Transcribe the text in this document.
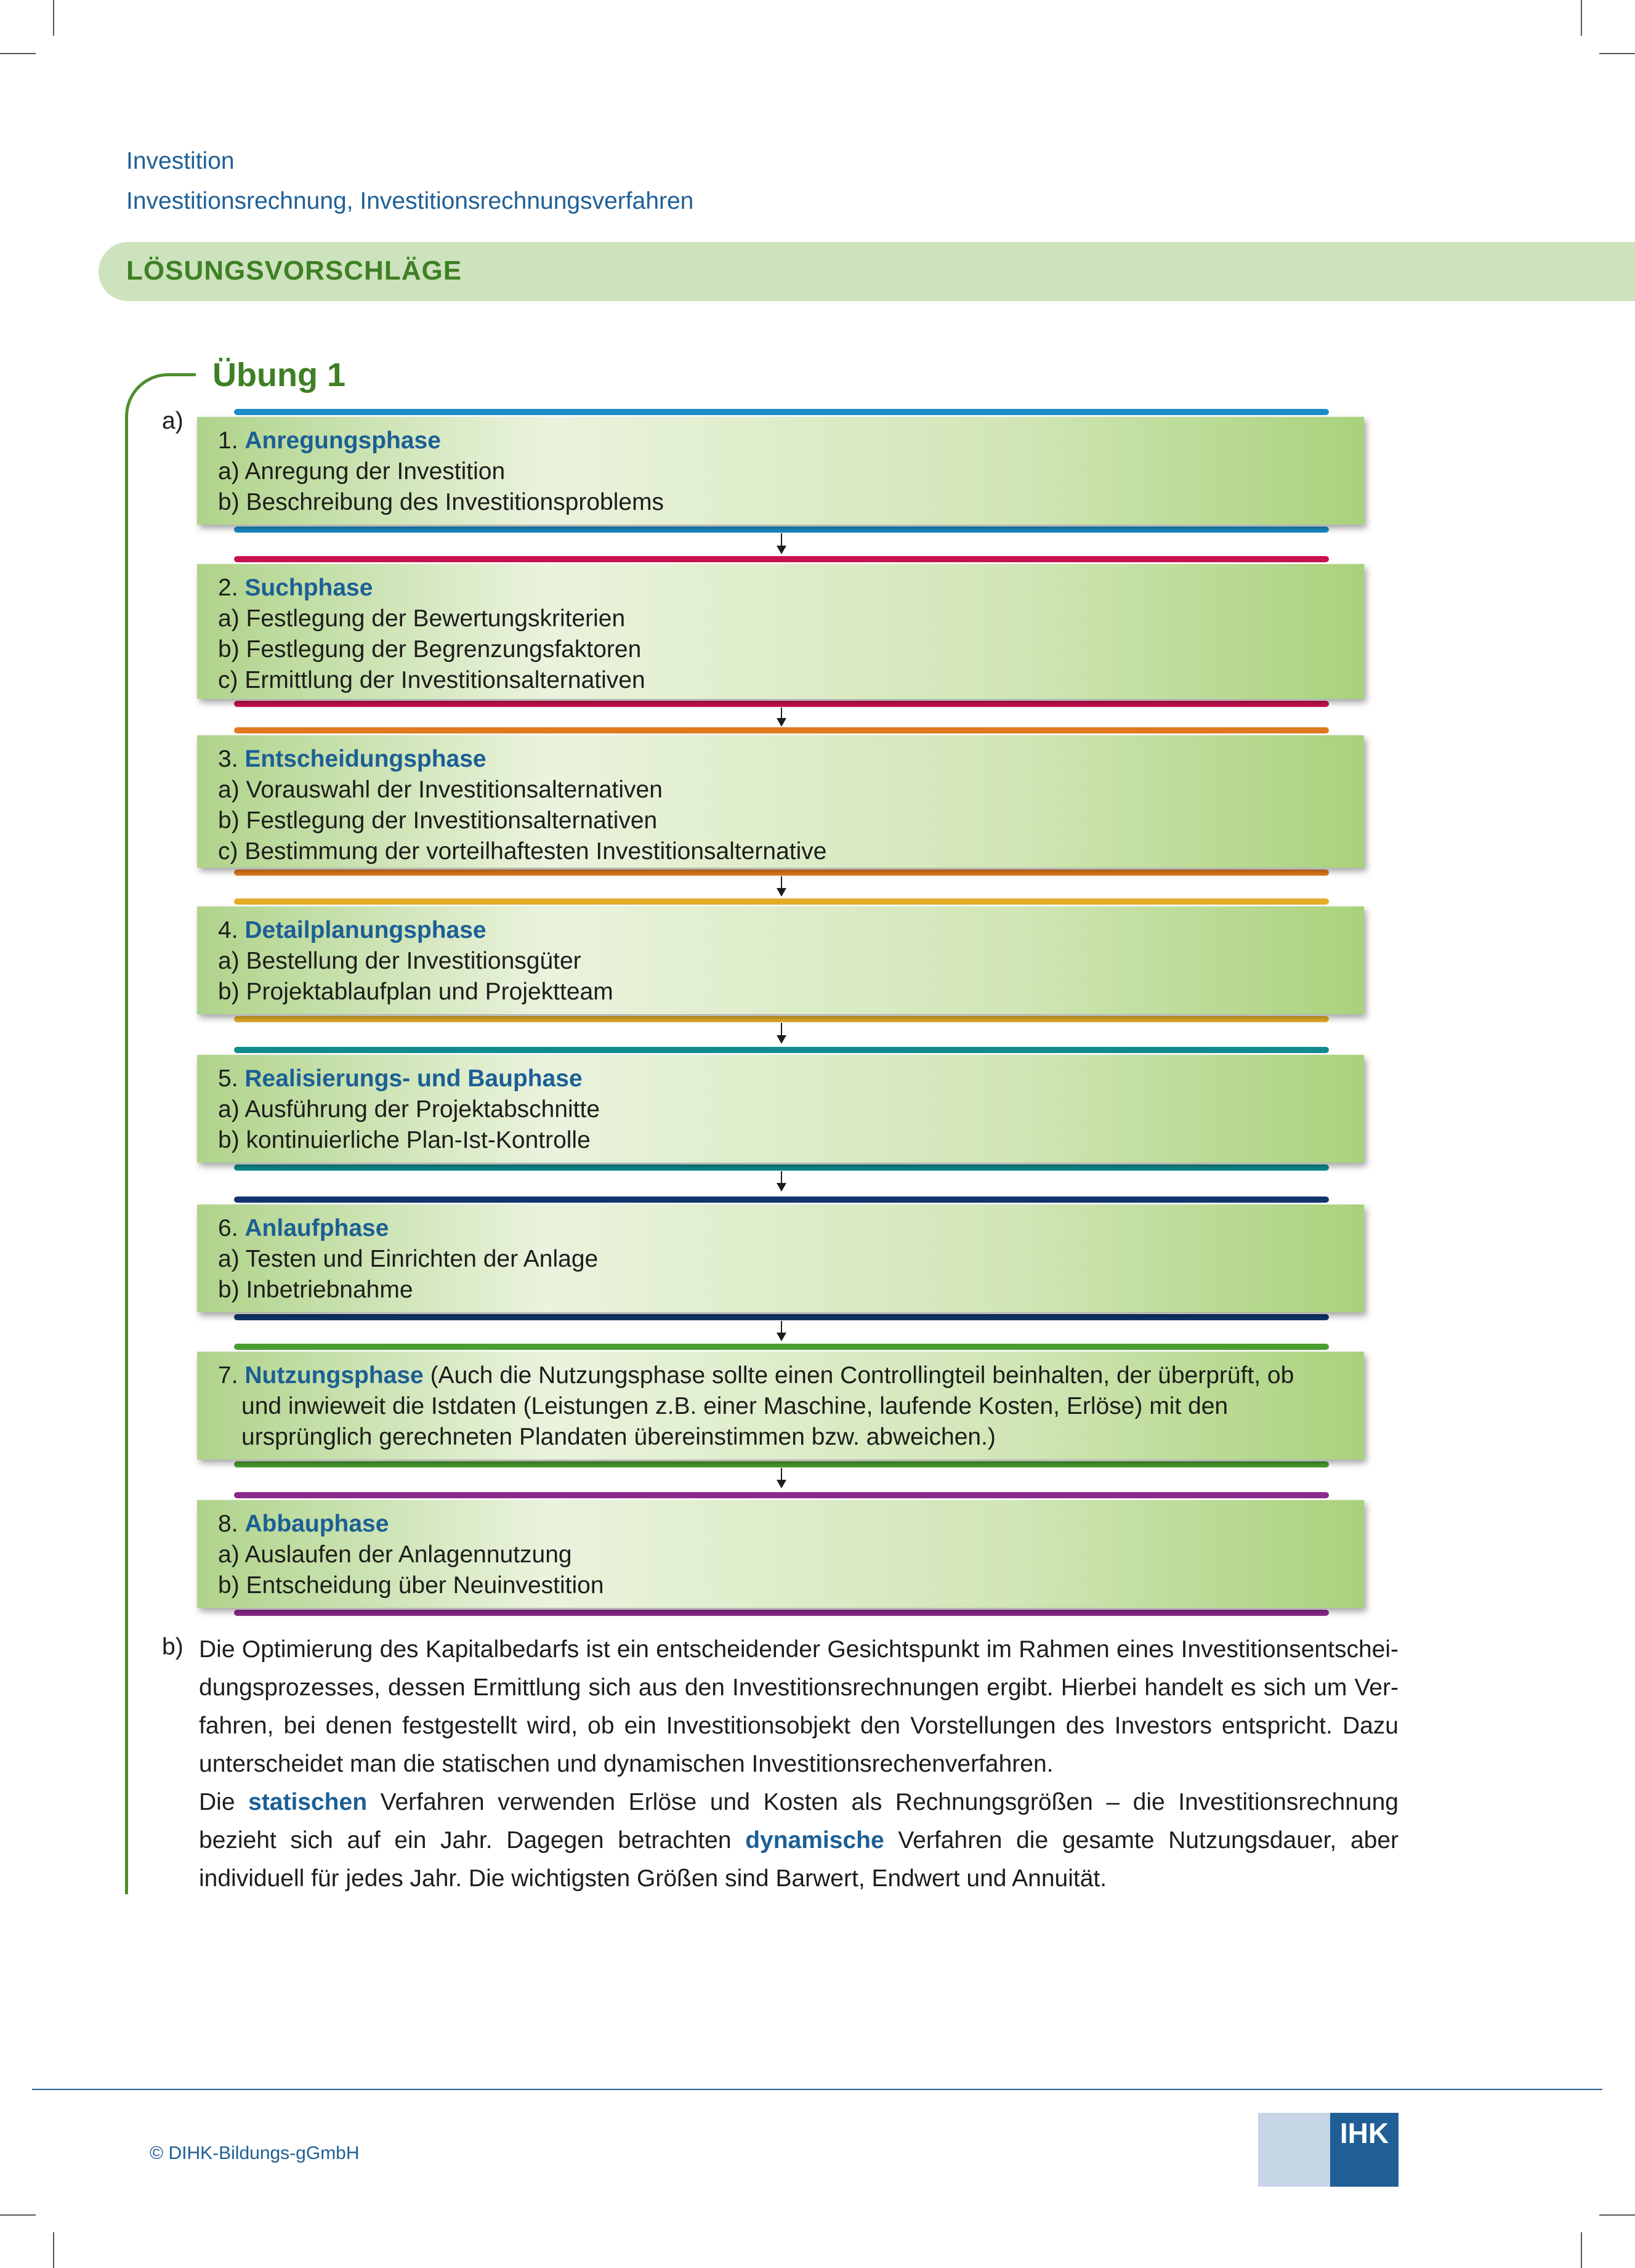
Investition
Investitionsrechnung, Investitionsrechnungsverfahren
LÖSUNGSVORSCHLÄGE
Übung 1
a)
1. Anregungsphase
a) Anregung der Investition
b) Beschreibung des Investitionsproblems
2. Suchphase
a) Festlegung der Bewertungskriterien
b) Festlegung der Begrenzungsfaktoren
c) Ermittlung der Investitionsalternativen
3. Entscheidungsphase
a) Vorauswahl der Investitionsalternativen
b) Festlegung der Investitionsalternativen
c) Bestimmung der vorteilhaftesten Investitionsalternative
4. Detailplanungsphase
a) Bestellung der Investitionsgüter
b) Projektablaufplan und Projektteam
5. Realisierungs- und Bauphase
a) Ausführung der Projektabschnitte
b) kontinuierliche Plan-Ist-Kontrolle
6. Anlaufphase
a) Testen und Einrichten der Anlage
b) Inbetriebnahme
7. Nutzungsphase (Auch die Nutzungsphase sollte einen Controllingteil beinhalten, der überprüft, ob
und inwieweit die Istdaten (Leistungen z.B. einer Maschine, laufende Kosten, Erlöse) mit den
ursprünglich gerechneten Plandaten übereinstimmen bzw. abweichen.)
8. Abbauphase
a) Auslaufen der Anlagennutzung
b) Entscheidung über Neuinvestition
b) Die Optimierung des Kapitalbedarfs ist ein entscheidender Gesichtspunkt im Rahmen eines Investitionsentscheidungsprozesses, dessen Ermittlung sich aus den Investitionsrechnungen ergibt. Hierbei handelt es sich um Verfahren, bei denen festgestellt wird, ob ein Investitionsobjekt den Vorstellungen des Investors entspricht. Dazu unterscheidet man die statischen und dynamischen Investitionsrechenverfahren.

Die statischen Verfahren verwenden Erlöse und Kosten als Rechnungsgrößen – die Investitionsrechnung bezieht sich auf ein Jahr. Dagegen betrachten dynamische Verfahren die gesamte Nutzungsdauer, aber individuell für jedes Jahr. Die wichtigsten Größen sind Barwert, Endwert und Annuität.

© DIHK-Bildungs-gGmbH
IHK
